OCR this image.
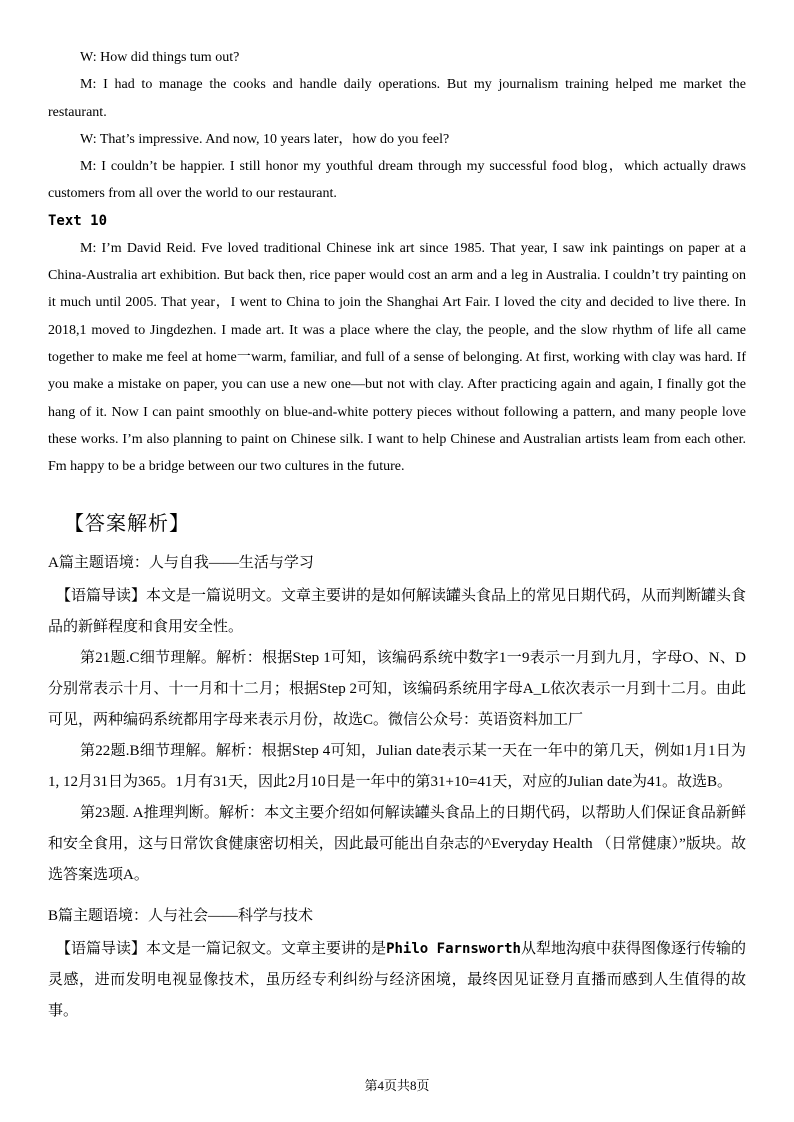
W: How did things tum out?

M: I had to manage the cooks and handle daily operations. But my journalism training helped me market the restaurant.

W: That’s impressive. And now, 10 years later，how do you feel?

M: I couldn’t be happier. I still honor my youthful dream through my successful food blog，which actually draws customers from all over the world to our restaurant.

Text 10

M: I’m David Reid. Fve loved traditional Chinese ink art since 1985. That year, I saw ink paintings on paper at a China-Australia art exhibition. But back then, rice paper would cost an arm and a leg in Australia. I couldn’t try painting on it much until 2005. That year，I went to China to join the Shanghai Art Fair. I loved the city and decided to live there. In 2018,1 moved to Jingdezhen. I made art. It was a place where the clay, the people, and the slow rhythm of life all came together to make me feel at home一warm, familiar, and full of a sense of belonging. At first, working with clay was hard. If you make a mistake on paper, you can use a new one—but not with clay. After practicing again and again, I finally got the hang of it. Now I can paint smoothly on blue-and-white pottery pieces without following a pattern, and many people love these works. I’m also planning to paint on Chinese silk. I want to help Chinese and Australian artists leam from each other. Fm happy to be a bridge between our two cultures in the future.

【答案解析】

A篇主题语境：人与自我——生活与学习

【语篇导读】本文是一篇说明文。文章主要讲的是如何解读罐头食品上的常见日期代码，从而判断罐头食品的新鲜程度和食用安全性。

第21题.C细节理解。解析：根据Step 1可知，该编码系统中数字1一9表示一月到九月，字母O、N、D分别常表示十月、十一月和十二月；根据Step 2可知，该编码系统用字母A_L依次表示一月到十二月。由此可见，两种编码系统都用字母来表示月份，故选C。微信公众号：英语资料加工厂

第22题.B细节理解。解析：根据Step 4可知，Julian date表示某一天在一年中的第几天，例如1月1日为1, 12月31日为365。1月有31天，因此2月10日是一年中的第31+10=41天，对应的Julian date为41。故选B。

第23题. A推理判断。解析：本文主要介绍如何解读罐头食品上的日期代码，以帮助人们保证食品新鲜和安全食用，这与日常饮食健康密切相关，因此最可能出自杂志的^Everyday Health （日常健康）”版块。故选答案选项A。

B篇主题语境：人与社会——科学与技术

【语篇导读】本文是一篇记叙文。文章主要讲的是Philo Farnsworth从犁地沟痕中获得图像逐行传输的灵感，进而发明电视显像技术，虽历经专利纠纷与经济困境，最终因见证登月直播而感到人生值得的故事。

第4页共8页
